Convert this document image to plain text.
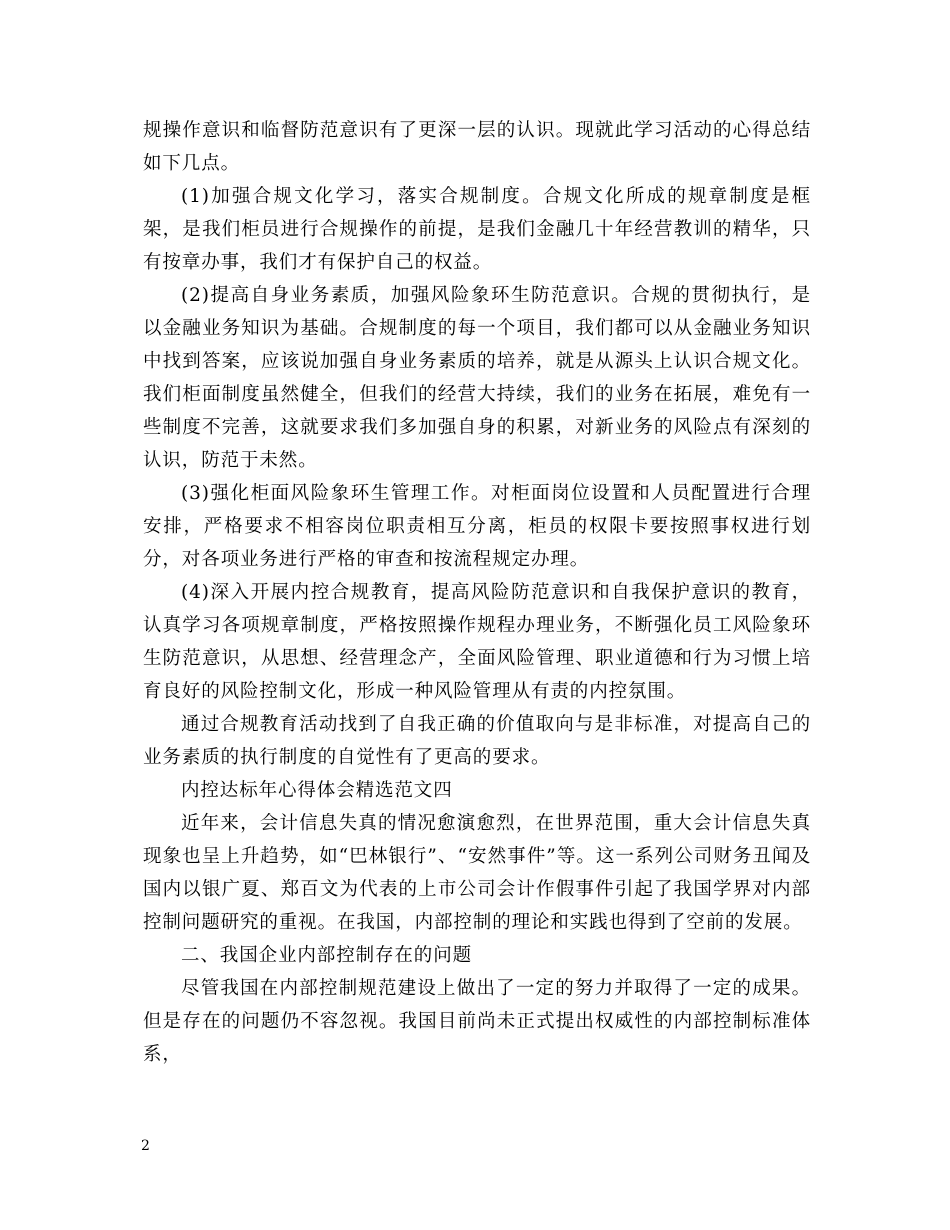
规操作意识和临督防范意识有了更深一层的认识。现就此学习活动的心得总结如下几点。

(1)加强合规文化学习，落实合规制度。合规文化所成的规章制度是框架，是我们柜员进行合规操作的前提，是我们金融几十年经营教训的精华，只有按章办事，我们才有保护自己的权益。

(2)提高自身业务素质，加强风险象环生防范意识。合规的贯彻执行，是以金融业务知识为基础。合规制度的每一个项目，我们都可以从金融业务知识中找到答案，应该说加强自身业务素质的培养，就是从源头上认识合规文化。我们柜面制度虽然健全，但我们的经营大持续，我们的业务在拓展，难免有一些制度不完善，这就要求我们多加强自身的积累，对新业务的风险点有深刻的认识，防范于未然。

(3)强化柜面风险象环生管理工作。对柜面岗位设置和人员配置进行合理安排，严格要求不相容岗位职责相互分离，柜员的权限卡要按照事权进行划分，对各项业务进行严格的审查和按流程规定办理。

(4)深入开展内控合规教育，提高风险防范意识和自我保护意识的教育，认真学习各项规章制度，严格按照操作规程办理业务，不断强化员工风险象环生防范意识，从思想、经营理念产，全面风险管理、职业道德和行为习惯上培育良好的风险控制文化，形成一种风险管理从有责的内控氛围。

通过合规教育活动找到了自我正确的价值取向与是非标准，对提高自己的业务素质的执行制度的自觉性有了更高的要求。

内控达标年心得体会精选范文四

近年来，会计信息失真的情况愈演愈烈，在世界范围，重大会计信息失真现象也呈上升趋势，如“巴林银行”、“安然事件”等。这一系列公司财务丑闻及国内以银广夏、郑百文为代表的上市公司会计作假事件引起了我国学界对内部控制问题研究的重视。在我国，内部控制的理论和实践也得到了空前的发展。

二、我国企业内部控制存在的问题

尽管我国在内部控制规范建设上做出了一定的努力并取得了一定的成果。但是存在的问题仍不容忽视。我国目前尚未正式提出权威性的内部控制标准体系，

2
